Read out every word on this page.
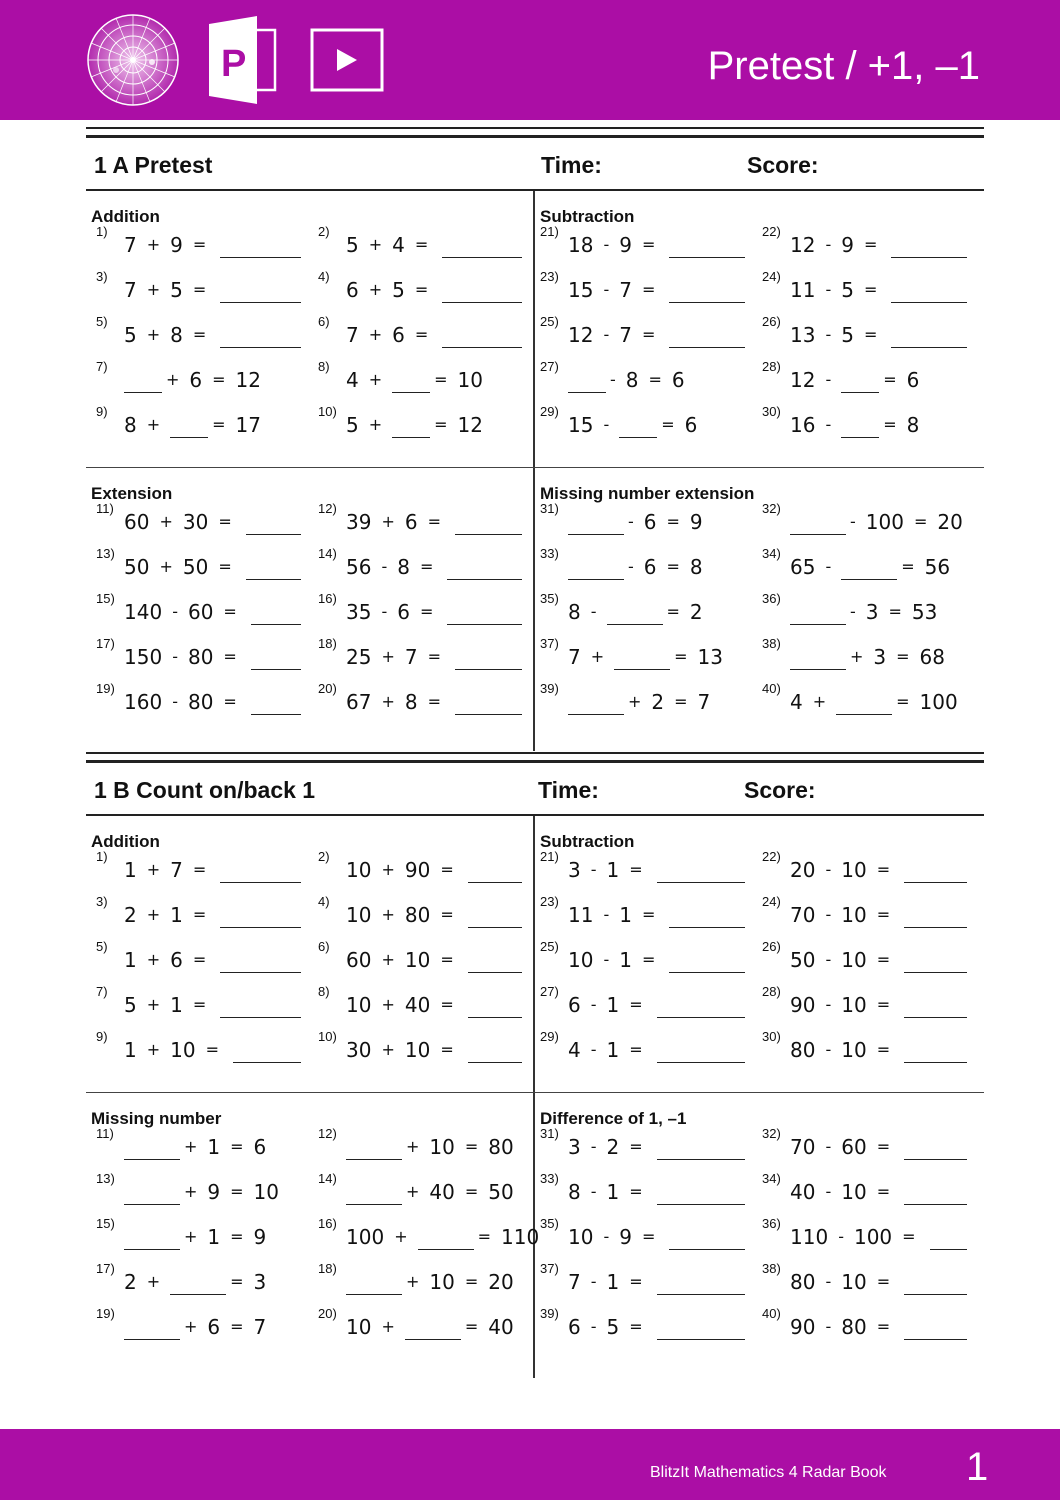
P	Pretest / +1, –1
1 A Pretest	Time:	Score:
Addition
1)
7 + 9 =
2)
5 + 4 =
3)
7 + 5 =
4)
6 + 5 =
5)
5 + 8 =
6)
7 + 6 =
7)
+ 6 = 12
8)
4 +	= 10
9)
8 +	= 17
10)
5 +	= 12
Subtraction
21)
18 - 9 =
22)
12 - 9 =
23)
15 - 7 =
24)
11 - 5 =
25)
12 - 7 =
26)
13 - 5 =
27)
- 8 = 6
28)
12 -	= 6
29)
15 -	= 6
30)
16 -	= 8
Extension
11)
60 + 30 =
12)
39 + 6 =
13)
50 + 50 =
14)
56 - 8 =
15)
140 - 60 =
16)
35 - 6 =
17)
150 - 80 =
18)
25 + 7 =
19)
160 - 80 =
20)
67 + 8 =
Missing number extension
31)
- 6 = 9
32)
- 100 = 20
33)
- 6 = 8
34)
65 -	= 56
35)
8 -	= 2
36)
- 3 = 53
37)
7 +	= 13
38)
+ 3 = 68
39)
+ 2 = 7
40)
4 +	= 100
1 B Count on/back 1	Time:	Score:
Addition
1)
1 + 7 =
2)
10 + 90 =
3)
2 + 1 =
4)
10 + 80 =
5)
1 + 6 =
6)
60 + 10 =
7)
5 + 1 =
8)
10 + 40 =
9)
1 + 10 =
10)
30 + 10 =
Subtraction
21)
3 - 1 =
22)
20 - 10 =
23)
11 - 1 =
24)
70 - 10 =
25)
10 - 1 =
26)
50 - 10 =
27)
6 - 1 =
28)
90 - 10 =
29)
4 - 1 =
30)
80 - 10 =
Missing number
11)
+ 1 = 6
12)
+ 10 = 80
13)
+ 9 = 10
14)
+ 40 = 50
15)
+ 1 = 9
16)
100 +	= 110
17)
2 +	= 3
18)
+ 10 = 20
19)
+ 6 = 7
20)
10 +	= 40
Difference of 1, –1
31)
3 - 2 =
32)
70 - 60 =
33)
8 - 1 =
34)
40 - 10 =
35)
10 - 9 =
36)
110 - 100 =
37)
7 - 1 =
38)
80 - 10 =
39)
6 - 5 =
40)
90 - 80 =
BlitzIt Mathematics 4 Radar Book 1
